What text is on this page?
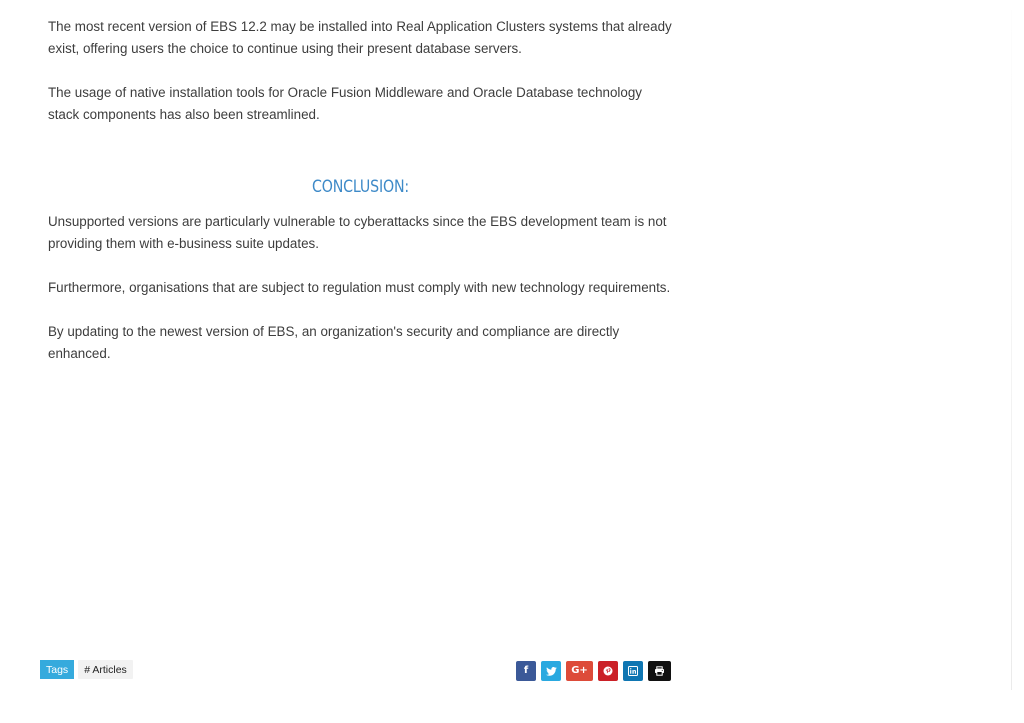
The most recent version of EBS 12.2 may be installed into Real Application Clusters systems that already exist, offering users the choice to continue using their present database servers.

The usage of native installation tools for Oracle Fusion Middleware and Oracle Database technology stack components has also been streamlined.

CONCLUSION:

Unsupported versions are particularly vulnerable to cyberattacks since the EBS development team is not providing them with e-business suite updates.

Furthermore, organisations that are subject to regulation must comply with new technology requirements.

By updating to the newest version of EBS, an organization's security and compliance are directly enhanced.

Tags	# Articles	f	G+
